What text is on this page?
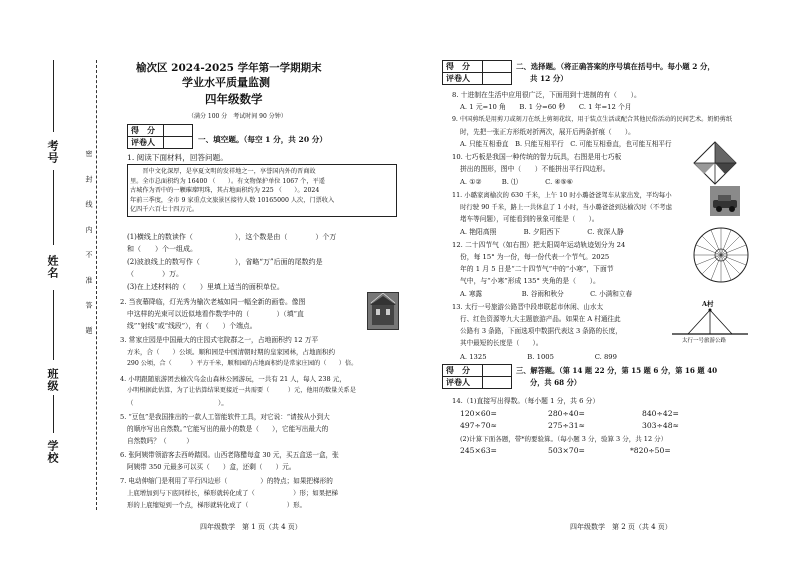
学校
班级
姓名
考号	密 封 线 内 不 准 答 题
榆次区 2024-2025 学年第一学期期末
学业水平质量监测
四年级数学
（满分 100 分　考试时间 90 分钟）
得　分	
评卷人		一、填空题。（每空 1 分，共 20 分）
1. 阅读下面材料，回答问题。
　　晋中文化深厚，是享夏文明的发祥地之一，享誉国内外的晋商故
里。全市总面积约为 16400 （　　）。有文物保护单位 1067 个，平遥
古城作为晋中的一颗璀璨明珠，其占地面积约为 225 （　　）。2024
年前三季度，全市 9 家重点文旅景区接待人数 10165000 人次，门票收入
亿四千六百七十四万元。
(1)横线上的数读作（　　　　　　），这个数是由（　　　　）个万
和（　　）个一组成。
(2)波浪线上的数写作（　　　　　），省略“万”后面的尾数约是
（　　　　）万。
(3)在上述材料的（　　）里填上适当的面积单位。
2. 当夜幕降临，灯光秀为榆次老城如同一幅全新的画卷。像图
中这样的光束可以近似地看作数学中的（　　　　）（填“直
线”“射线”或“线段”），有（　　）个端点。
3. 常家庄园是中国最大的庄园式宅院群之一，占地面积约 12 万平
方米，合（　　）公顷。顺和园是中国清朝时期的皇家园林，占地面积约
290 公顷，合（　　　）平方千米，顺和园的占地面积约是常家庄园的（　　）倍。
4. 小明跟随旅游团去榆次乌金山森林公园游玩，一共有 21 人，每人 238 元，
小明根据此估算，为了让估算结果更接近一共需要（　　　）元，他用的数量关系是
（　　　　　　　　　　　　　）。
5. “豆包”是我国推出的一款人工智能软件工具，对它说：“请按从小到大
的顺序写出自然数。”它能写出的最小的数是（　　），它能写出最大的
自然数吗？（　　　）
6. 张阿姨带领游客去西岭踏园。山西老陈醋每盒 30 元，买五盒送一盒，张
阿姨带 350 元最多可以买（　　）盒，还剩（　　）元。
7. 电动伸缩门是利用了平行四边形（　　　　　）的特点；如果把梯形的
上底增加到与下底同样长，梯形就转化成了（　　　　　　）形；如果把梯
形的上底缩短到一个点，梯形就转化成了（　　　　　　）形。
四年级数学　第 1 页（共 4 页）
得　分	
评卷人	
二、选择题。（将正确答案的序号填在括号中。每小题 2 分，
共 12 分）
8. 十进制在生活中应用很广泛，下面用到十进制的有（　　）。
A. 1 元=10 角　　B. 1 分=60 秒　　C. 1 年=12 个月
9. 中国剪纸是用剪刀或刻刀在纸上剪刻花纹，用于装点生活或配合其他民俗活动的民间艺术。奶奶剪纸
时，先把一张正方形纸对折两次，展开后两条折痕（　　）。
A. 只能互相垂直　B. 只能互相平行　C. 可能互相垂直，也可能互相平行
10. 七巧板是我国一种传统的智力玩具，右图是用七巧板
拼出的图形，图中（　　）不能拼出平行四边形。
A. ①②　　　B. ⑴　　　　C. ④⑤⑥
11. 小璐家离榆次的 630 千米，上午 10 时小璐爸爸驾车从家出发，平均每小
时行驶 90 千米，路上一共休息了 1 小时，当小璐爸爸到达榆次时（不考虑
堵车等问题），可能看到的景象可能是（　　）。
A. 艳阳高照　　　　B. 夕阳西下　　　　C. 夜深人静
12. 二十四节气（如右图）把太阳周年运动轨迹划分为 24
份，每 15° 为一份，每一份代表一个节气。2025
年的 1 月 5 日是“二十四节气”中的“小寒”，下面节
气中，与“小寒”形成 135° 夹角的是（　　）。
A. 寒露　　　　　　B. 谷雨和秋分　　　　C. 小满和立春
13. 太行一号旅游公路晋中段串联起市休闲、山水太
行、红色资源等九大主题旅游产品。如果在 A 村通往此
公路有 3 条路，下面选项中数据代表这 3 条路的长度，
其中最短的长度是（　　）。
A. 1325　　　　　　B. 1005　　　　　　C. 899
A村
太行一号旅游公路
得　分	
评卷人	
三、解答题。（第 14 题 22 分，第 15 题 6 分，第 16 题 40
分，共 68 分）
14.（1)直接写出得数。（每小题 1 分，共 6 分）
120×60=	280÷40=	840÷42=
497÷70≈	275÷31≈	303÷48≈
(2)计算下面各题，带*的要验算。（每小题 3 分，验算 3 分，共 12 分）
245×63=	503×70=	*820÷50=
四年级数学　第 2 页（共 4 页）
